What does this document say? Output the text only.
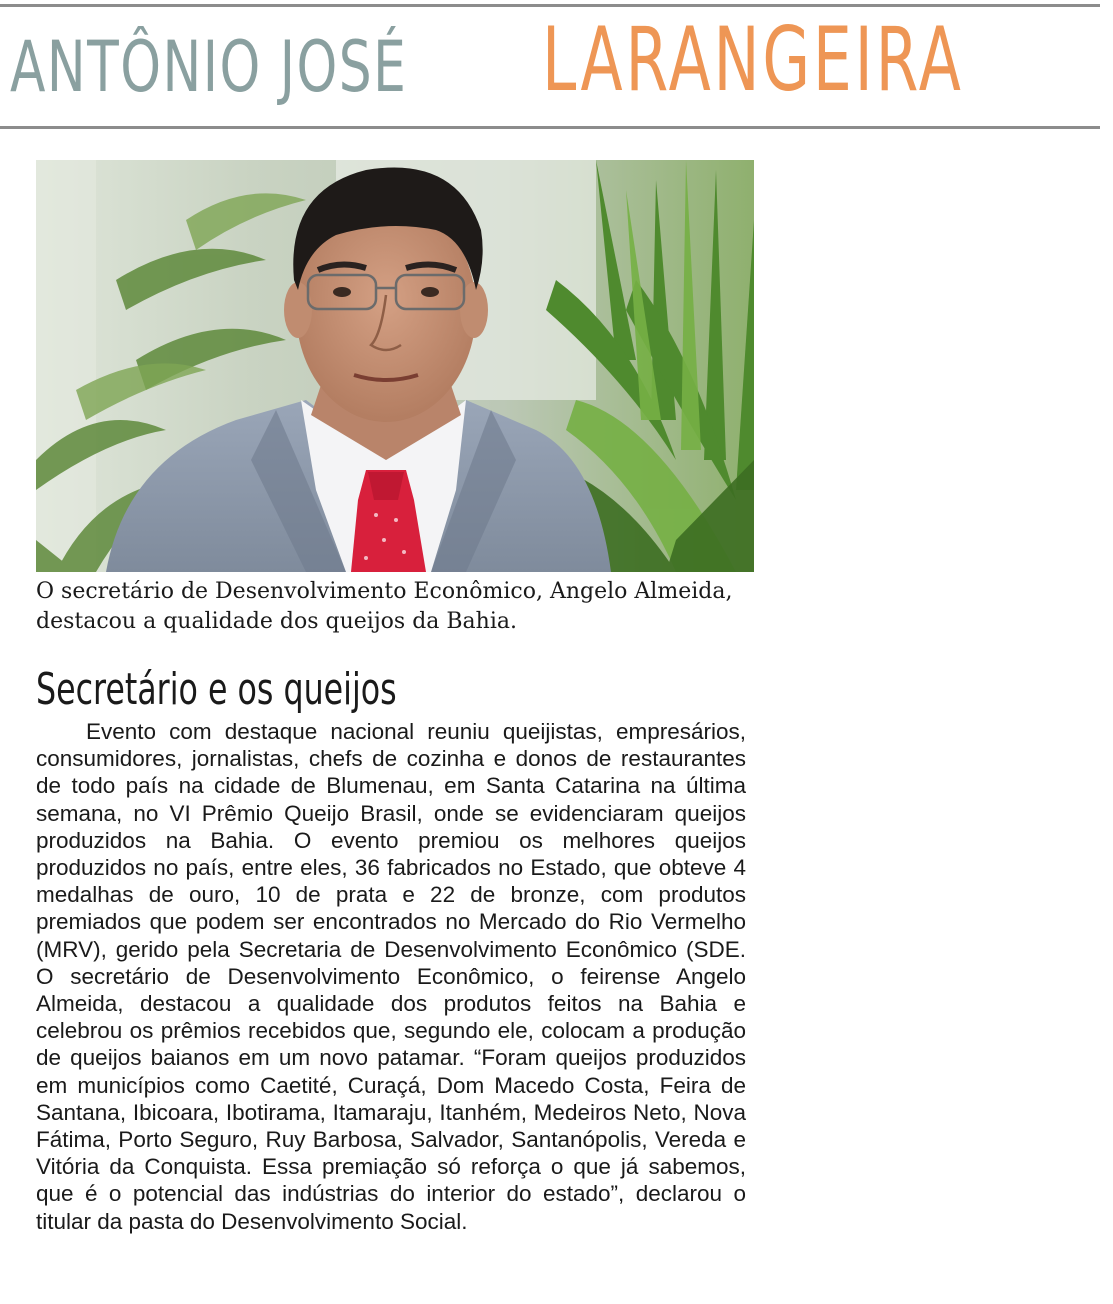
ANTÔNIO JOSÉ LARANGEIRA
O secretário de Desenvolvimento Econômico, Angelo Almeida, destacou a qualidade dos queijos da Bahia.
Secretário e os queijos
Evento com destaque nacional reuniu queijistas, empresários, consumidores, jornalistas, chefs de cozinha e donos de restaurantes de todo país na cidade de Blumenau, em Santa Catarina na última semana, no VI Prêmio Queijo Brasil, onde se evidenciaram queijos produzidos na Bahia. O evento premiou os melhores queijos produzidos no país, entre eles, 36 fabricados no Estado, que obteve 4 medalhas de ouro, 10 de prata e 22 de bronze, com produtos premiados que podem ser encontrados no Mercado do Rio Vermelho (MRV), gerido pela Secretaria de Desenvolvimento Econômico (SDE. O secretário de Desenvolvimento Econômico, o feirense Angelo Almeida, destacou a qualidade dos produtos feitos na Bahia e celebrou os prêmios recebidos que, segundo ele, colocam a produção de queijos baianos em um novo patamar. “Foram queijos produzidos em municípios como Caetité, Curaçá, Dom Macedo Costa, Feira de Santana, Ibicoara, Ibotirama, Itamaraju, Itanhém, Medeiros Neto, Nova Fátima, Porto Seguro, Ruy Barbosa, Salvador, Santanópolis, Vereda e Vitória da Conquista. Essa premiação só reforça o que já sabemos, que é o potencial das indústrias do interior do estado”, declarou o titular da pasta do Desenvolvimento Social.
